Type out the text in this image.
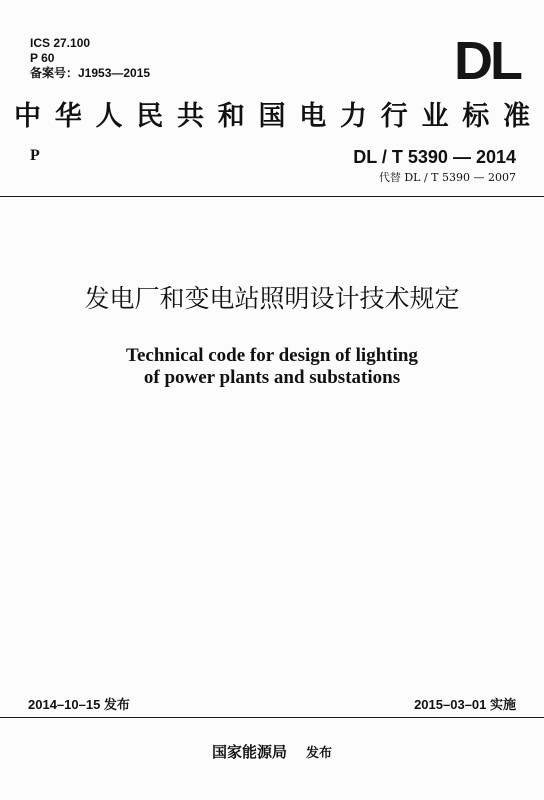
ICS 27.100
P 60
备案号：J1953—2015	DL
中 华 人 民 共 和 国 电 力 行 业 标 准
P	DL / T 5390 — 2014
代替 DL / T 5390 — 2007
发电厂和变电站照明设计技术规定
Technical code for design of lighting
of power plants and substations
2014–10–15 发布	2015–03–01 实施
国家能源局 发布
